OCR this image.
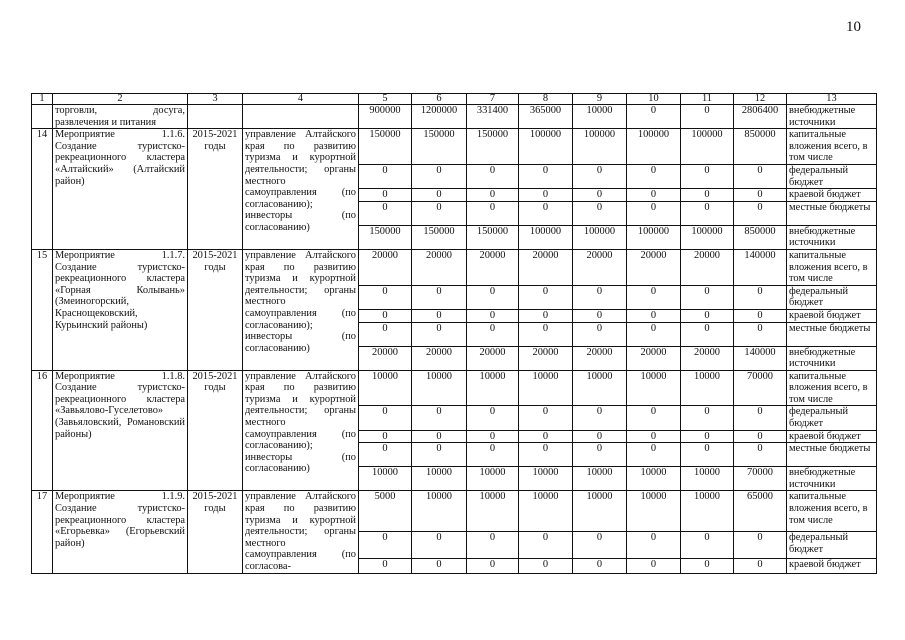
10
1	2	3	4	5	6	7	8	9	10	11	12	13
	торговли, досуга, развлечения и питания			900000	1200000	331400	365000	10000	0	0	2806400	внебюджетные источники
14	Мероприятие 1.1.6. Создание туристско-рекреационного кластера «Алтайский» (Алтайский район)	2015-2021 годы	управление Алтайского края по развитию туризма и курортной деятельности; органы местного самоуправления (по согласованию); инвесторы (по согласованию)	150000	150000	150000	100000	100000	100000	100000	850000	капитальные вложения всего, в том числе
				0	0	0	0	0	0	0	0	федеральный бюджет
				0	0	0	0	0	0	0	0	краевой бюджет
				0	0	0	0	0	0	0	0	местные бюджеты
				150000	150000	150000	100000	100000	100000	100000	850000	внебюджетные источники
15	Мероприятие 1.1.7. Создание туристско-рекреационного кластера «Горная Колывань» (Змеиногорский, Краснощековский, Курьинский районы)	2015-2021 годы	управление Алтайского края по развитию туризма и курортной деятельности; органы местного самоуправления (по согласованию); инвесторы (по согласованию)	20000	20000	20000	20000	20000	20000	20000	140000	капитальные вложения всего, в том числе
				0	0	0	0	0	0	0	0	федеральный бюджет
				0	0	0	0	0	0	0	0	краевой бюджет
				0	0	0	0	0	0	0	0	местные бюджеты
				20000	20000	20000	20000	20000	20000	20000	140000	внебюджетные источники
16	Мероприятие 1.1.8. Создание туристско-рекреационного кластера «Завьялово-Гуселетово» (Завьяловский, Романовский районы)	2015-2021 годы	управление Алтайского края по развитию туризма и курортной деятельности; органы местного самоуправления (по согласованию); инвесторы (по согласованию)	10000	10000	10000	10000	10000	10000	10000	70000	капитальные вложения всего, в том числе
				0	0	0	0	0	0	0	0	федеральный бюджет
				0	0	0	0	0	0	0	0	краевой бюджет
				0	0	0	0	0	0	0	0	местные бюджеты
				10000	10000	10000	10000	10000	10000	10000	70000	внебюджетные источники
17	Мероприятие 1.1.9. Создание туристско-рекреационного кластера «Егорьевка» (Егорьевский район)	2015-2021 годы	управление Алтайского края по развитию туризма и курортной деятельности; органы местного самоуправления (по согласова-	5000	10000	10000	10000	10000	10000	10000	65000	капитальные вложения всего, в том числе
				0	0	0	0	0	0	0	0	федеральный бюджет
				0	0	0	0	0	0	0	0	краевой бюджет
